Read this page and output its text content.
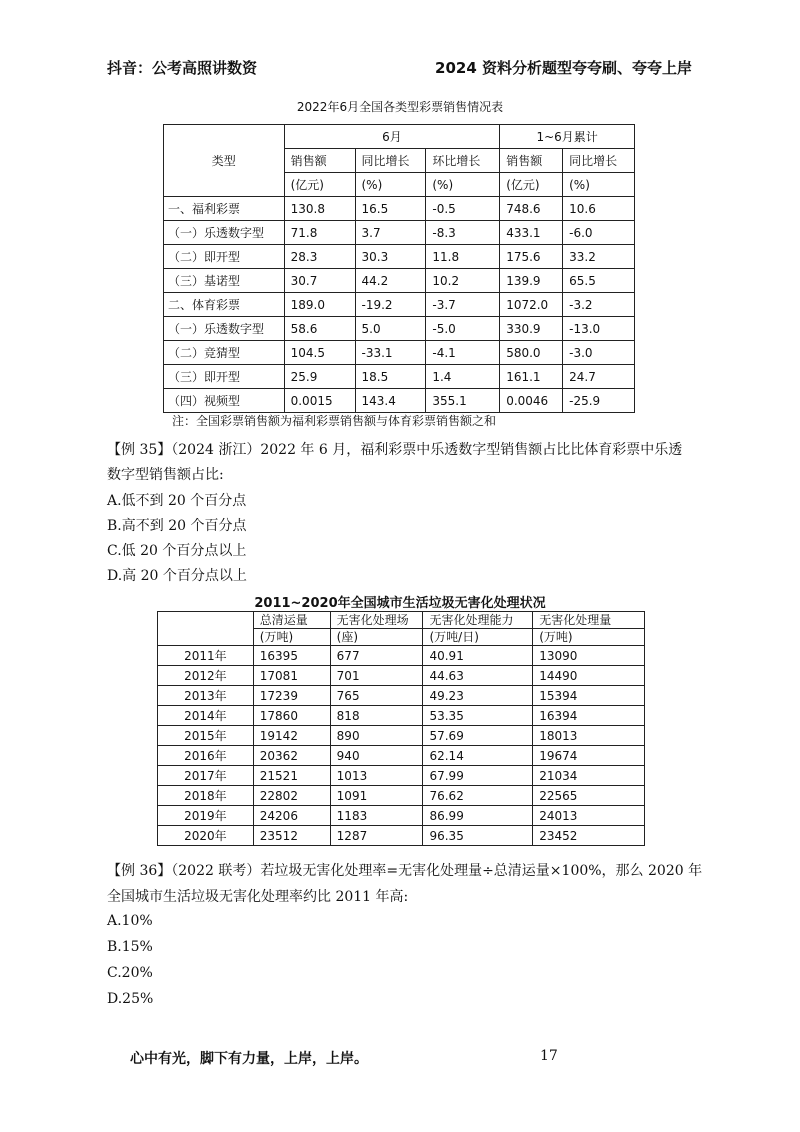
抖音：公考高照讲数资	2024 资料分析题型夸夸刷、夸夸上岸
2022年6月全国各类型彩票销售情况表
类型	6月			1~6月累计	
	销售额	同比增长	环比增长	销售额	同比增长
	(亿元)	(%)	(%)	(亿元)	(%)
一、福利彩票	130.8	16.5	-0.5	748.6	10.6
（一）乐透数字型	71.8	3.7	-8.3	433.1	-6.0
（二）即开型	28.3	30.3	11.8	175.6	33.2
（三）基诺型	30.7	44.2	10.2	139.9	65.5
二、体育彩票	189.0	-19.2	-3.7	1072.0	-3.2
（一）乐透数字型	58.6	5.0	-5.0	330.9	-13.0
（二）竞猜型	104.5	-33.1	-4.1	580.0	-3.0
（三）即开型	25.9	18.5	1.4	161.1	24.7
（四）视频型	0.0015	143.4	355.1	0.0046	-25.9
注：全国彩票销售额为福利彩票销售额与体育彩票销售额之和
【例 35】（2024 浙江）2022 年 6 月，福利彩票中乐透数字型销售额占比比体育彩票中乐透
数字型销售额占比:
A.低不到 20 个百分点
B.高不到 20 个百分点
C.低 20 个百分点以上
D.高 20 个百分点以上
2011~2020年全国城市生活垃圾无害化处理状况
	总清运量	无害化处理场	无害化处理能力	无害化处理量
	(万吨)	(座)	(万吨/日)	(万吨)
2011年	16395	677	40.91	13090
2012年	17081	701	44.63	14490
2013年	17239	765	49.23	15394
2014年	17860	818	53.35	16394
2015年	19142	890	57.69	18013
2016年	20362	940	62.14	19674
2017年	21521	1013	67.99	21034
2018年	22802	1091	76.62	22565
2019年	24206	1183	86.99	24013
2020年	23512	1287	96.35	23452
【例 36】（2022 联考）若垃圾无害化处理率=无害化处理量÷总清运量×100%，那么 2020 年
全国城市生活垃圾无害化处理率约比 2011 年高:
A.10%
B.15%
C.20%
D.25%
心中有光，脚下有力量，上岸，上岸。	17
